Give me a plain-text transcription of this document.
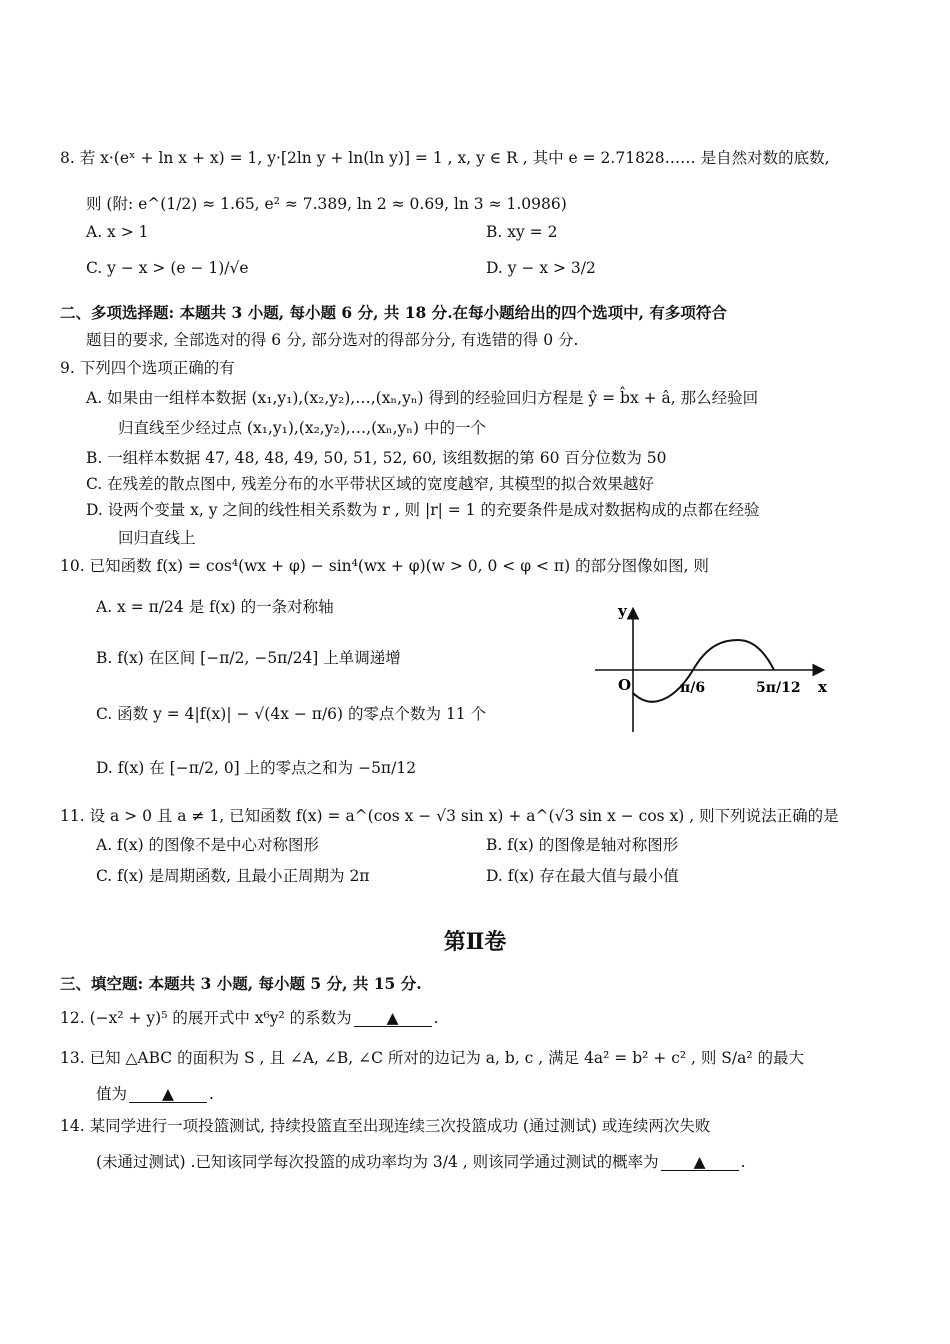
8. 若 x·(eˣ + ln x + x) = 1, y·[2ln y + ln(ln y)] = 1 , x, y ∈ R , 其中 e = 2.71828…… 是自然对数的底数,
则 (附: e^(1/2) ≈ 1.65, e² ≈ 7.389, ln 2 ≈ 0.69, ln 3 ≈ 1.0986)
A. x > 1	B. xy = 2
C. y − x > (e − 1)/√e	D. y − x > 3/2
二、多项选择题: 本题共 3 小题, 每小题 6 分, 共 18 分.在每小题给出的四个选项中, 有多项符合
题目的要求, 全部选对的得 6 分, 部分选对的得部分分, 有选错的得 0 分.
9. 下列四个选项正确的有
A. 如果由一组样本数据 (x₁,y₁),(x₂,y₂),…,(xₙ,yₙ) 得到的经验回归方程是 ŷ = b̂x + â, 那么经验回
归直线至少经过点 (x₁,y₁),(x₂,y₂),…,(xₙ,yₙ) 中的一个
B. 一组样本数据 47, 48, 48, 49, 50, 51, 52, 60, 该组数据的第 60 百分位数为 50
C. 在残差的散点图中, 残差分布的水平带状区域的宽度越窄, 其模型的拟合效果越好
D. 设两个变量 x, y 之间的线性相关系数为 r , 则 |r| = 1 的充要条件是成对数据构成的点都在经验
回归直线上
10. 已知函数 f(x) = cos⁴(wx + φ) − sin⁴(wx + φ)(w > 0, 0 < φ < π) 的部分图像如图, 则
A. x = π/24 是 f(x) 的一条对称轴
B. f(x) 在区间 [−π/2, −5π/24] 上单调递增
C. 函数 y = 4|f(x)| − √(4x − π/6) 的零点个数为 11 个
D. f(x) 在 [−π/2, 0] 上的零点之和为 −5π/12
y
x
O	π/6	5π/12
11. 设 a > 0 且 a ≠ 1, 已知函数 f(x) = a^(cos x − √3 sin x) + a^(√3 sin x − cos x) , 则下列说法正确的是
A. f(x) 的图像不是中心对称图形	B. f(x) 的图像是轴对称图形
C. f(x) 是周期函数, 且最小正周期为 2π	D. f(x) 存在最大值与最小值
第Ⅱ卷
三、填空题: 本题共 3 小题, 每小题 5 分, 共 15 分.
12. (−x² + y)⁵ 的展开式中 x⁶y² 的系数为 ▲ .
13. 已知 △ABC 的面积为 S , 且 ∠A, ∠B, ∠C 所对的边记为 a, b, c , 满足 4a² = b² + c² , 则 S/a² 的最大
值为 ▲ .
14. 某同学进行一项投篮测试, 持续投篮直至出现连续三次投篮成功 (通过测试) 或连续两次失败
(未通过测试) .已知该同学每次投篮的成功率均为 3/4 , 则该同学通过测试的概率为 ▲ .
